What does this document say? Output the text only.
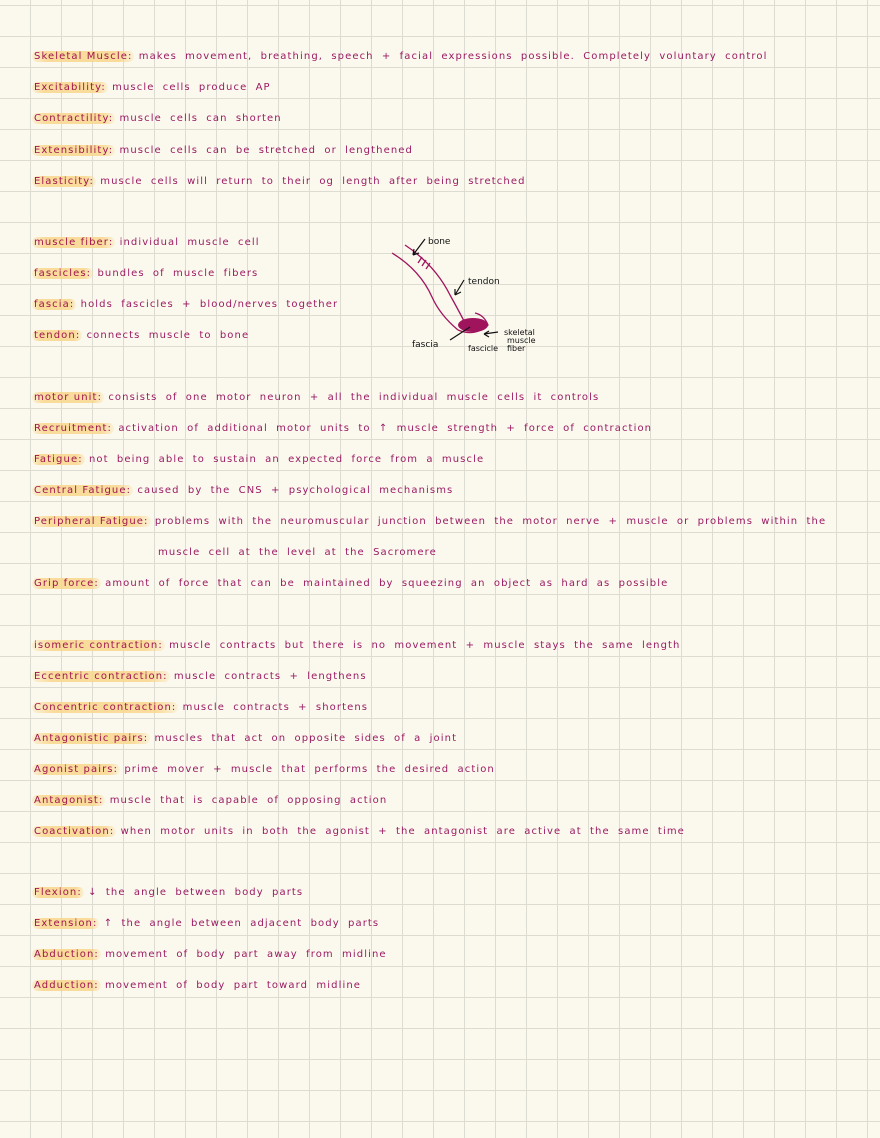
Skeletal Muscle: makes movement, breathing, speech + facial expressions possible. Completely voluntary control
Excitability: muscle cells produce AP
Contractility: muscle cells can shorten
Extensibility: muscle cells can be stretched or lengthened
Elasticity: muscle cells will return to their og length after being stretched
muscle fiber: individual muscle cell
fascicles: bundles of muscle fibers
fascia: holds fascicles + blood/nerves together
tendon: connects muscle to bone
motor unit: consists of one motor neuron + all the individual muscle cells it controls
Recruitment: activation of additional motor units to ↑ muscle strength + force of contraction
Fatigue: not being able to sustain an expected force from a muscle
Central Fatigue: caused by the CNS + psychological mechanisms
Peripheral Fatigue: problems with the neuromuscular junction between the motor nerve + muscle or problems within the
muscle cell at the level at the Sacromere
Grip force: amount of force that can be maintained by squeezing an object as hard as possible
isomeric contraction: muscle contracts but there is no movement + muscle stays the same length
Eccentric contraction: muscle contracts + lengthens
Concentric contraction: muscle contracts + shortens
Antagonistic pairs: muscles that act on opposite sides of a joint
Agonist pairs: prime mover + muscle that performs the desired action
Antagonist: muscle that is capable of opposing action
Coactivation: when motor units in both the agonist + the antagonist are active at the same time
Flexion: ↓ the angle between body parts
Extension: ↑ the angle between adjacent body parts
Abduction: movement of body part away from midline
Adduction: movement of body part toward midline
bone
tendon
fascia	fascicle
skeletal
muscle
fiber
